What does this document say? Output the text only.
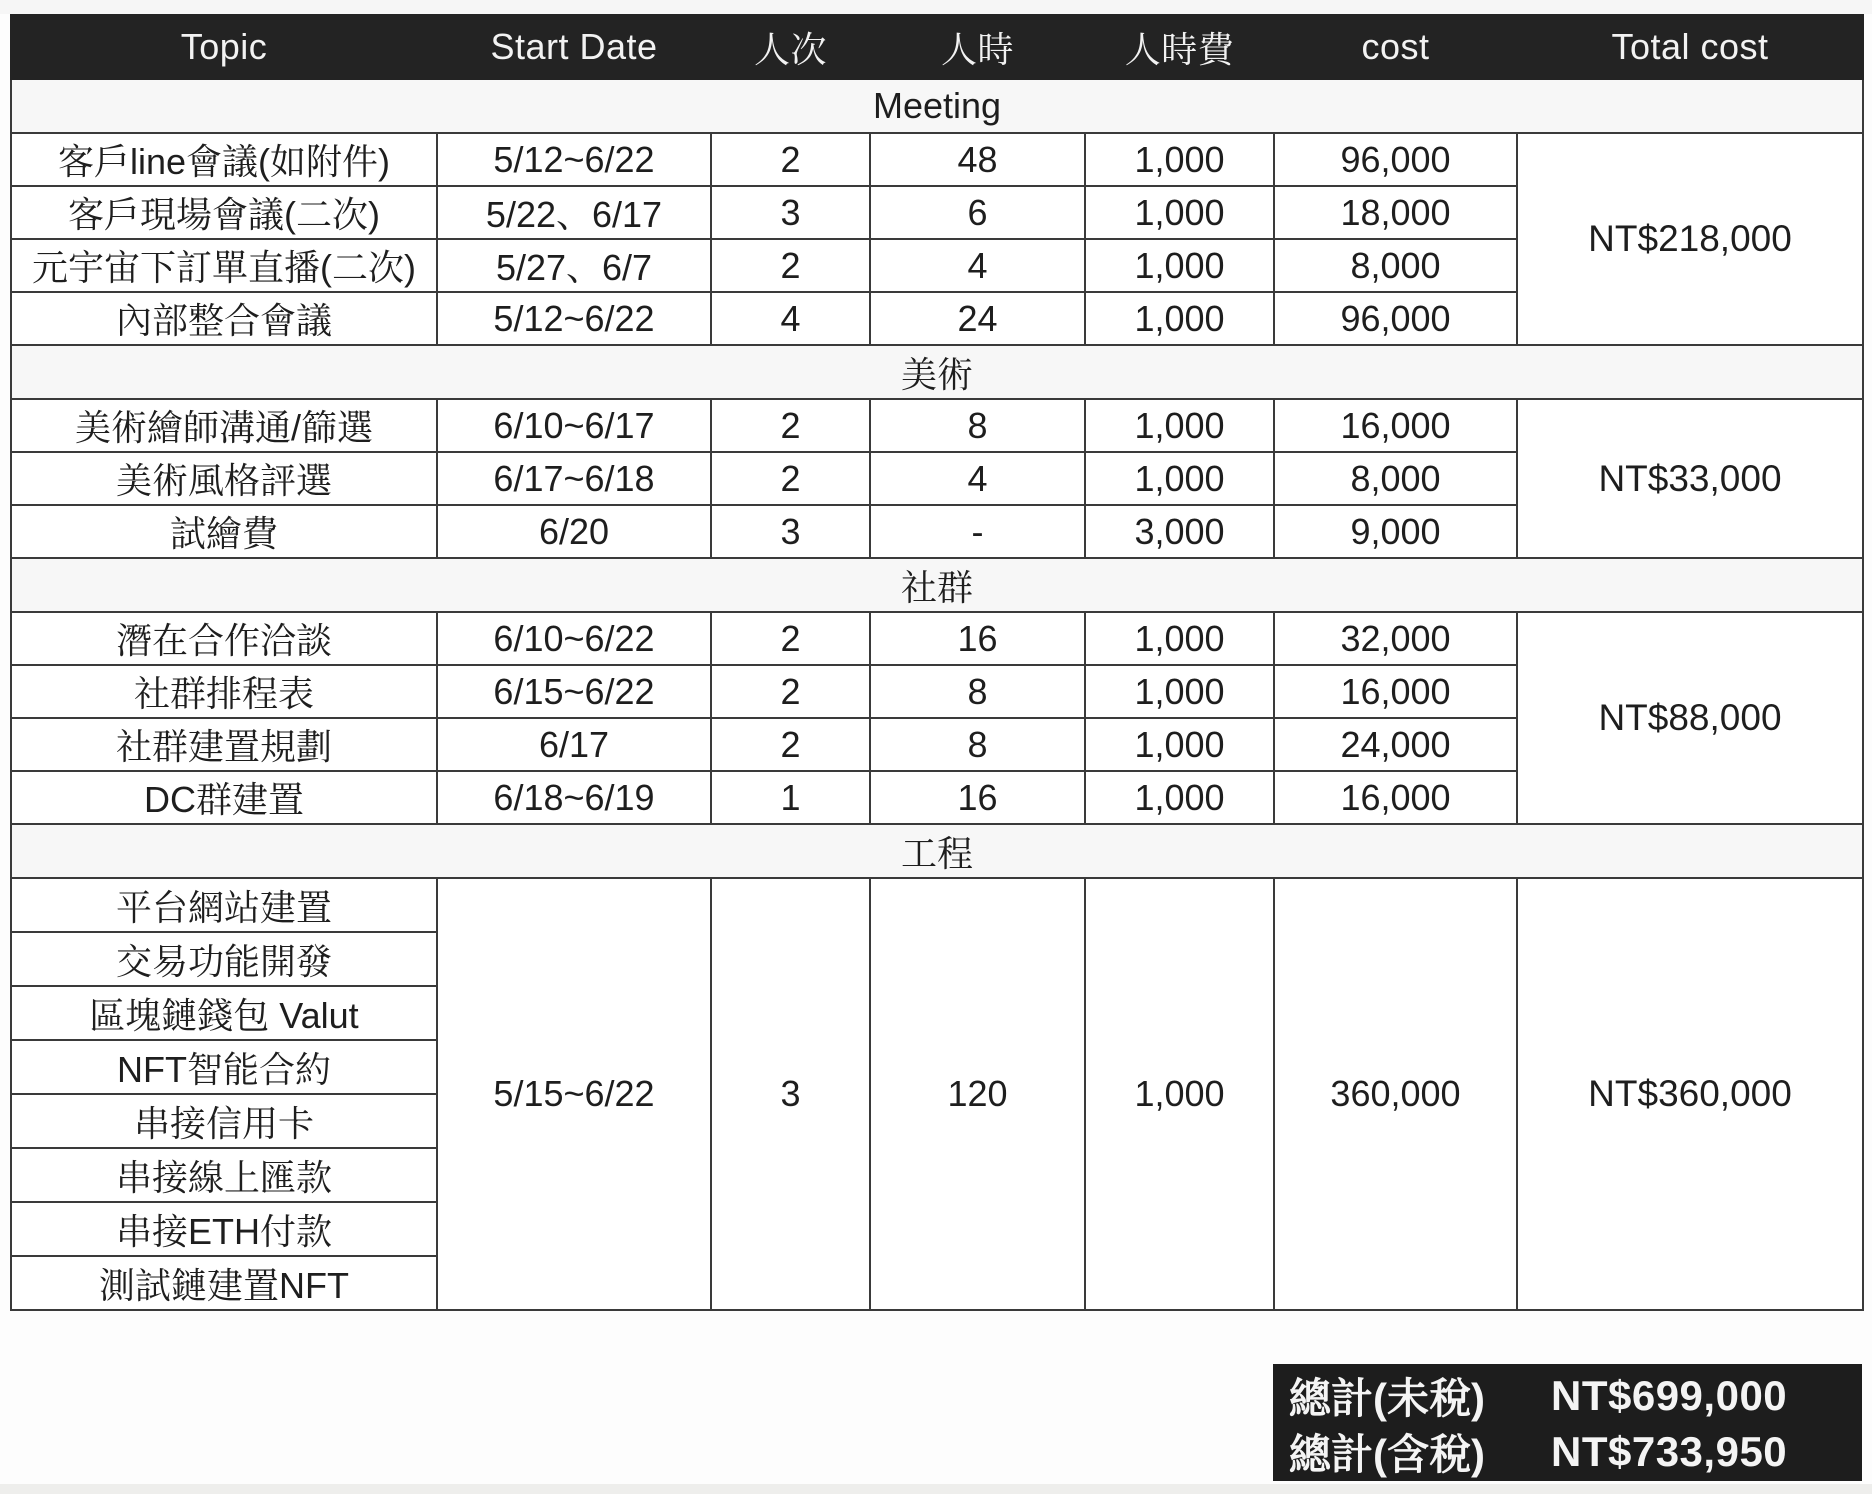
Topic	Start Date	人次	人時	人時費	cost	Total cost
Meeting						
客戶line會議(如附件)	5/12~6/22	2	48	1,000	96,000	NT$218,000
客戶現場會議(二次)	5/22、6/17	3	6	1,000	18,000	
元宇宙下訂單直播(二次)	5/27、6/7	2	4	1,000	8,000	
內部整合會議	5/12~6/22	4	24	1,000	96,000	
美術						
美術繪師溝通/篩選	6/10~6/17	2	8	1,000	16,000	NT$33,000
美術風格評選	6/17~6/18	2	4	1,000	8,000	
試繪費	6/20	3	-	3,000	9,000	
社群						
潛在合作洽談	6/10~6/22	2	16	1,000	32,000	NT$88,000
社群排程表	6/15~6/22	2	8	1,000	16,000	
社群建置規劃	6/17	2	8	1,000	24,000	
DC群建置	6/18~6/19	1	16	1,000	16,000	
工程						
平台網站建置	5/15~6/22	3	120	1,000	360,000	NT$360,000
交易功能開發						
區塊鏈錢包 Valut						
NFT智能合約						
串接信用卡						
串接線上匯款						
串接ETH付款						
測試鏈建置NFT						
總計(未稅)	NT$699,000
總計(含稅)	NT$733,950
